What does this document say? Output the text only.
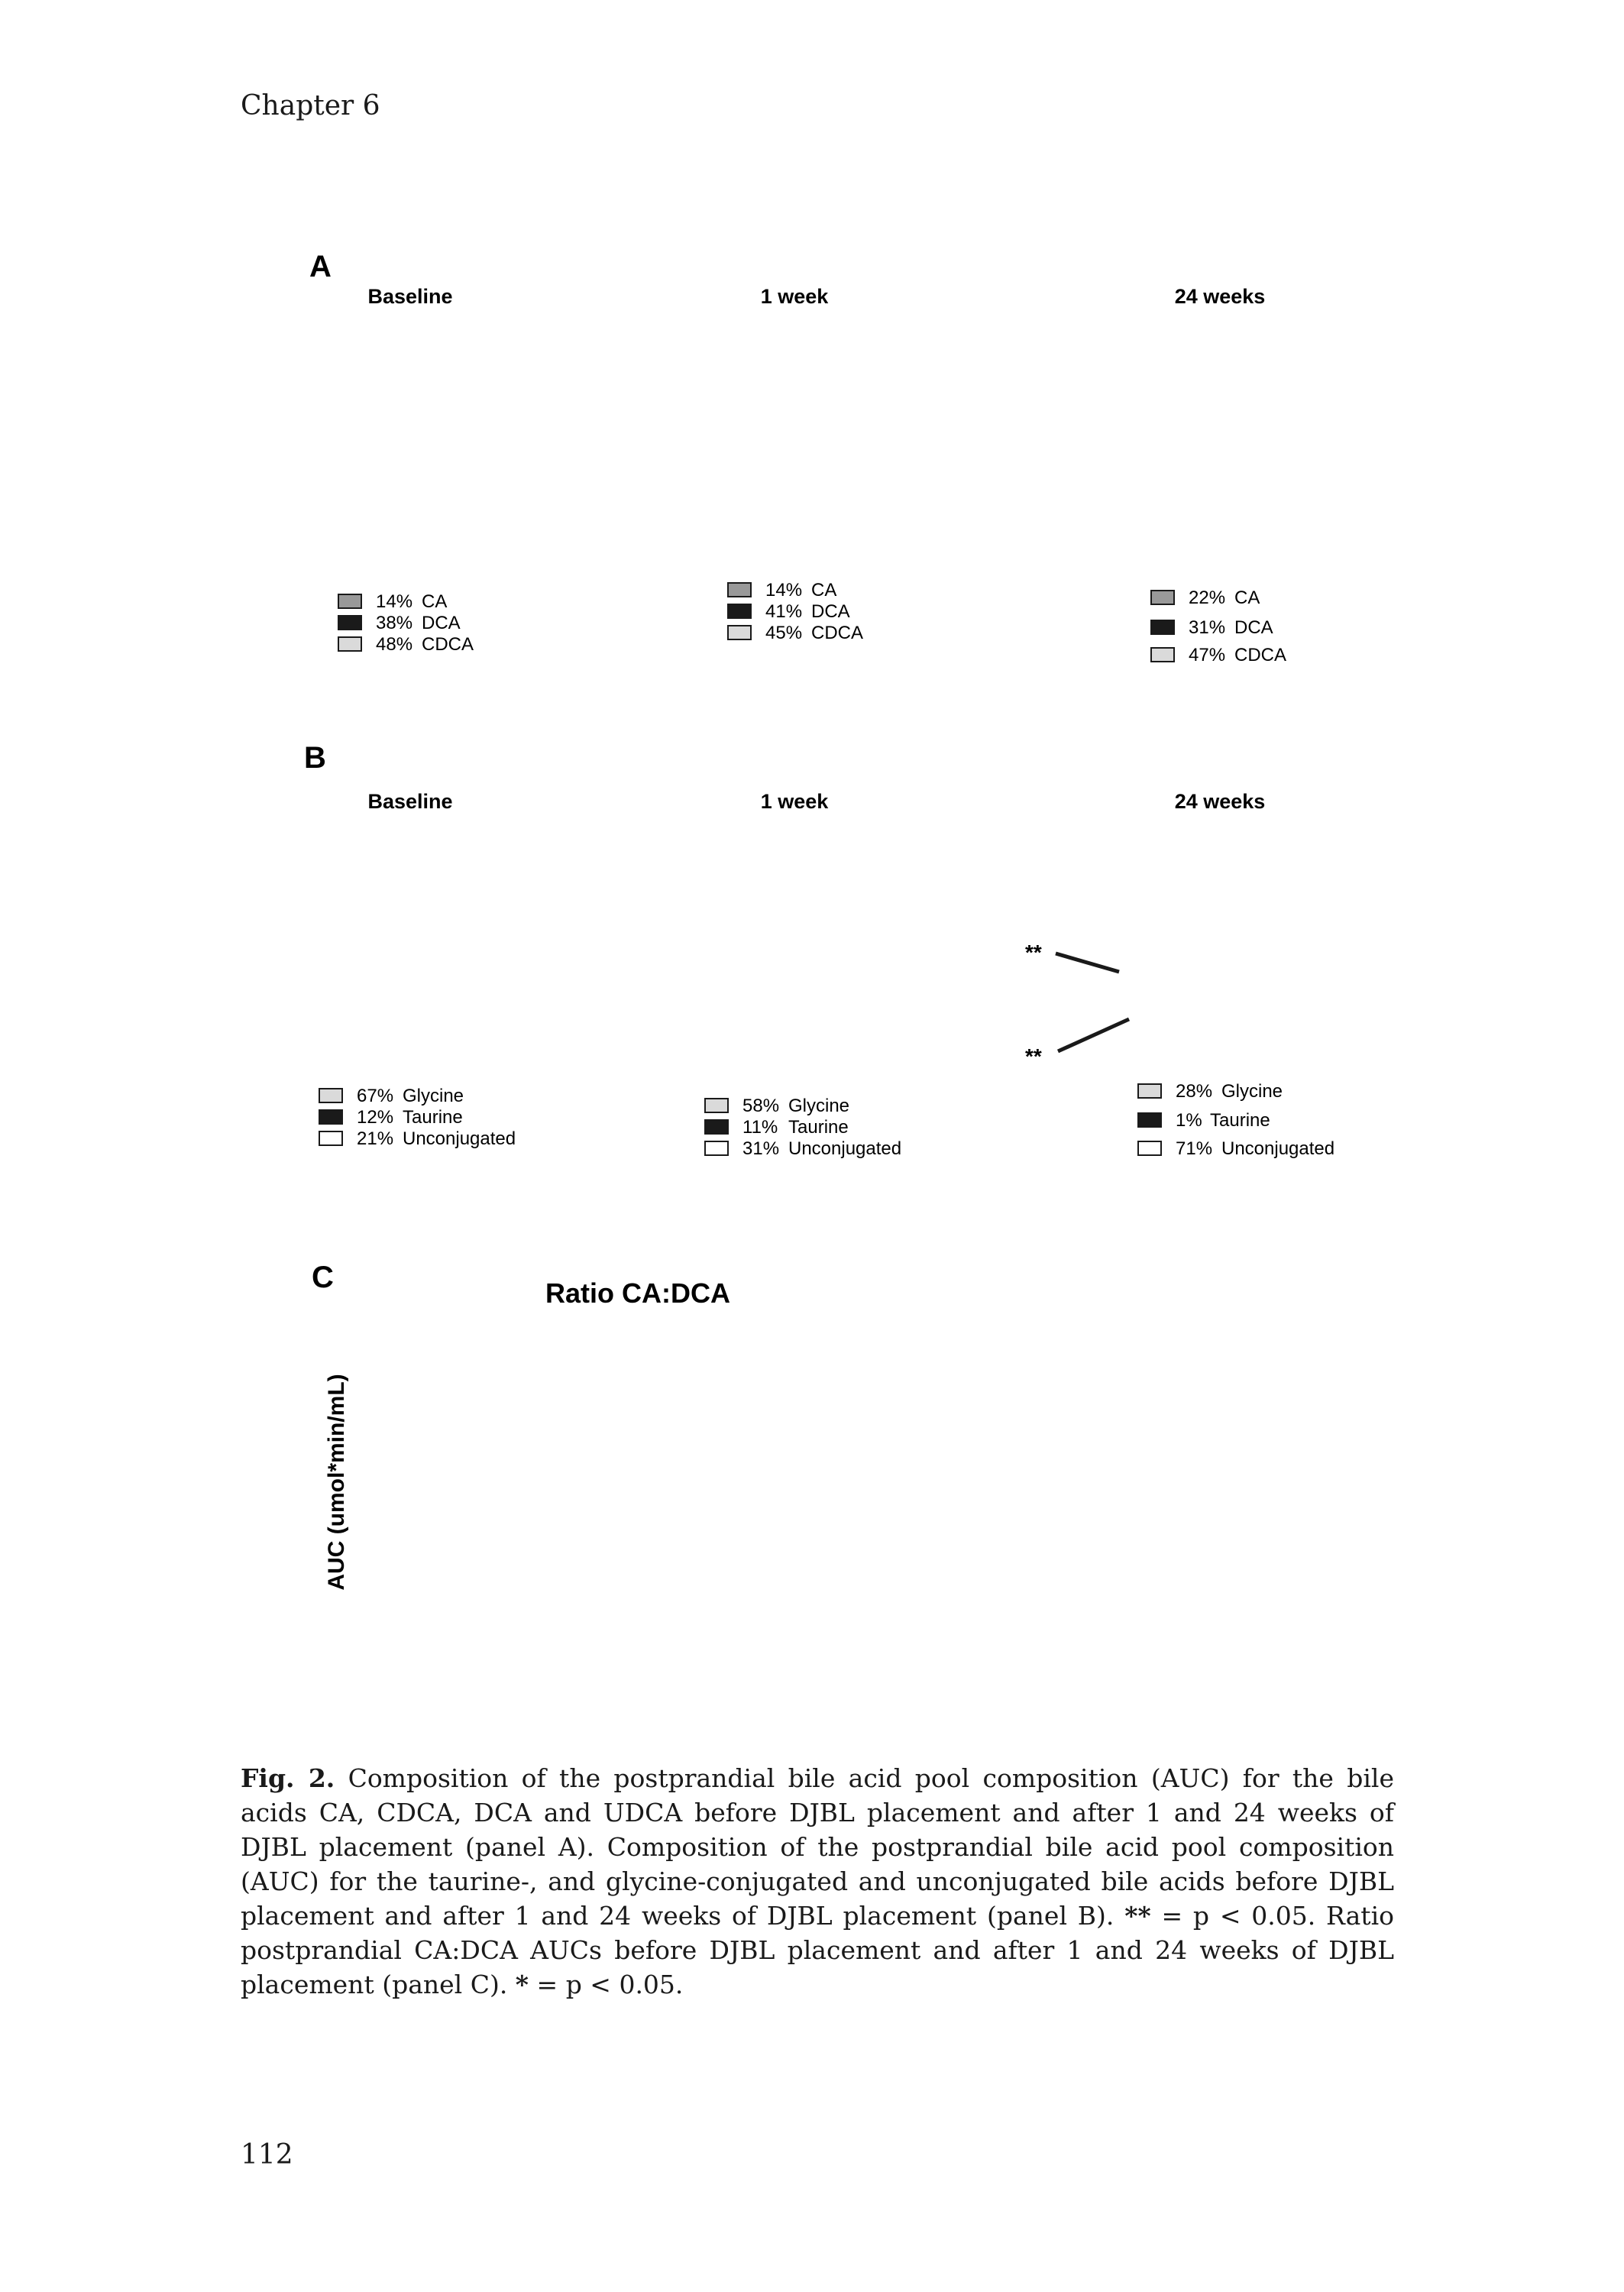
Chapter 6
A
B
C
Baseline	1 week	24 weeks
Baseline	1 week	24 weeks
14% CA
38% DCA
48% CDCA
14% CA
41% DCA
45% CDCA
22% CA
31% DCA
47% CDCA
67% Glycine
12% Taurine
21% Unconjugated
58% Glycine
11% Taurine
31% Unconjugated
28% Glycine
1% Taurine
71% Unconjugated
**
**
Ratio CA:DCA
AUC (umol*min/mL)
Fig. 2. Composition of the postprandial bile acid pool composition (AUC) for the bile acids CA, CDCA, DCA and UDCA before DJBL placement and after 1 and 24 weeks of DJBL placement (panel A). Composition of the postprandial bile acid pool composition (AUC) for the taurine-, and glycine-conjugated and unconjugated bile acids before DJBL placement and after 1 and 24 weeks of DJBL placement (panel B). ** = p < 0.05. Ratio postprandial CA:DCA AUCs before DJBL placement and after 1 and 24 weeks of DJBL placement (panel C). * = p < 0.05.
112
